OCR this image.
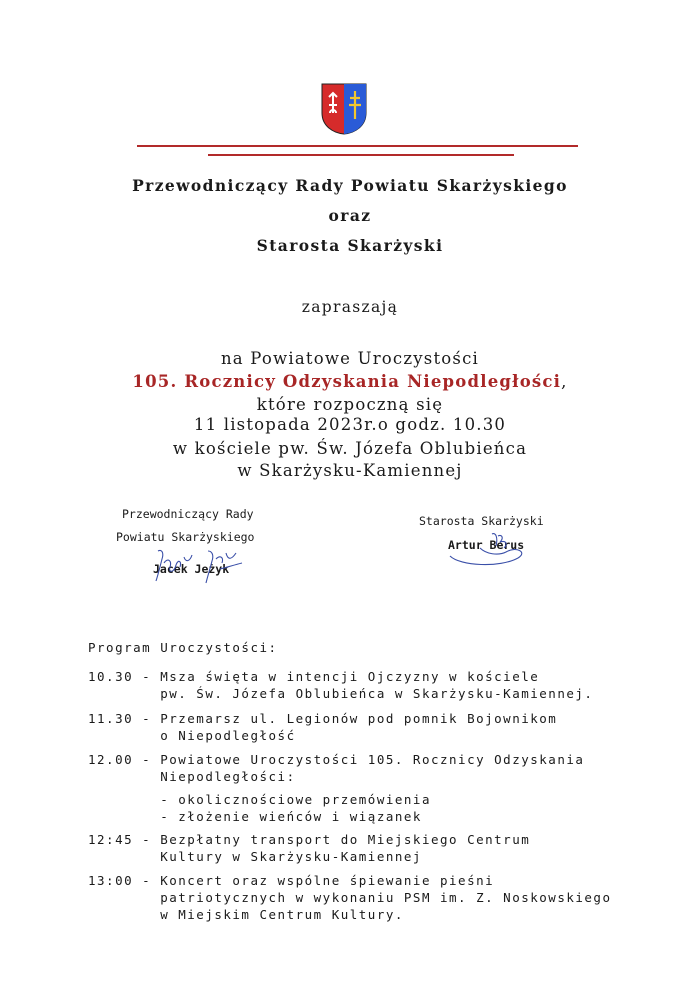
Przewodniczący Rady Powiatu Skarżyskiego
oraz
Starosta Skarżyski
zapraszają
na Powiatowe Uroczystości
105. Rocznicy Odzyskania Niepodległości,
które rozpoczną się
11 listopada 2023r.o godz. 10.30
w kościele pw. Św. Józefa Oblubieńca
w Skarżysku-Kamiennej
Przewodniczący Rady
Powiatu Skarżyskiego
Jacek Jeżyk
Starosta Skarżyski
Artur Berus
Program Uroczystości:
10.30 - Msza święta w intencji Ojczyzny w kościele
pw. Św. Józefa Oblubieńca w Skarżysku-Kamiennej.
11.30 - Przemarsz ul. Legionów pod pomnik Bojownikom
o Niepodległość
12.00 - Powiatowe Uroczystości 105. Rocznicy Odzyskania
Niepodległości:
- okolicznościowe przemówienia
- złożenie wieńców i wiązanek
12:45 - Bezpłatny transport do Miejskiego Centrum
Kultury w Skarżysku-Kamiennej
13:00 - Koncert oraz wspólne śpiewanie pieśni
patriotycznych w wykonaniu PSM im. Z. Noskowskiego
w Miejskim Centrum Kultury.
